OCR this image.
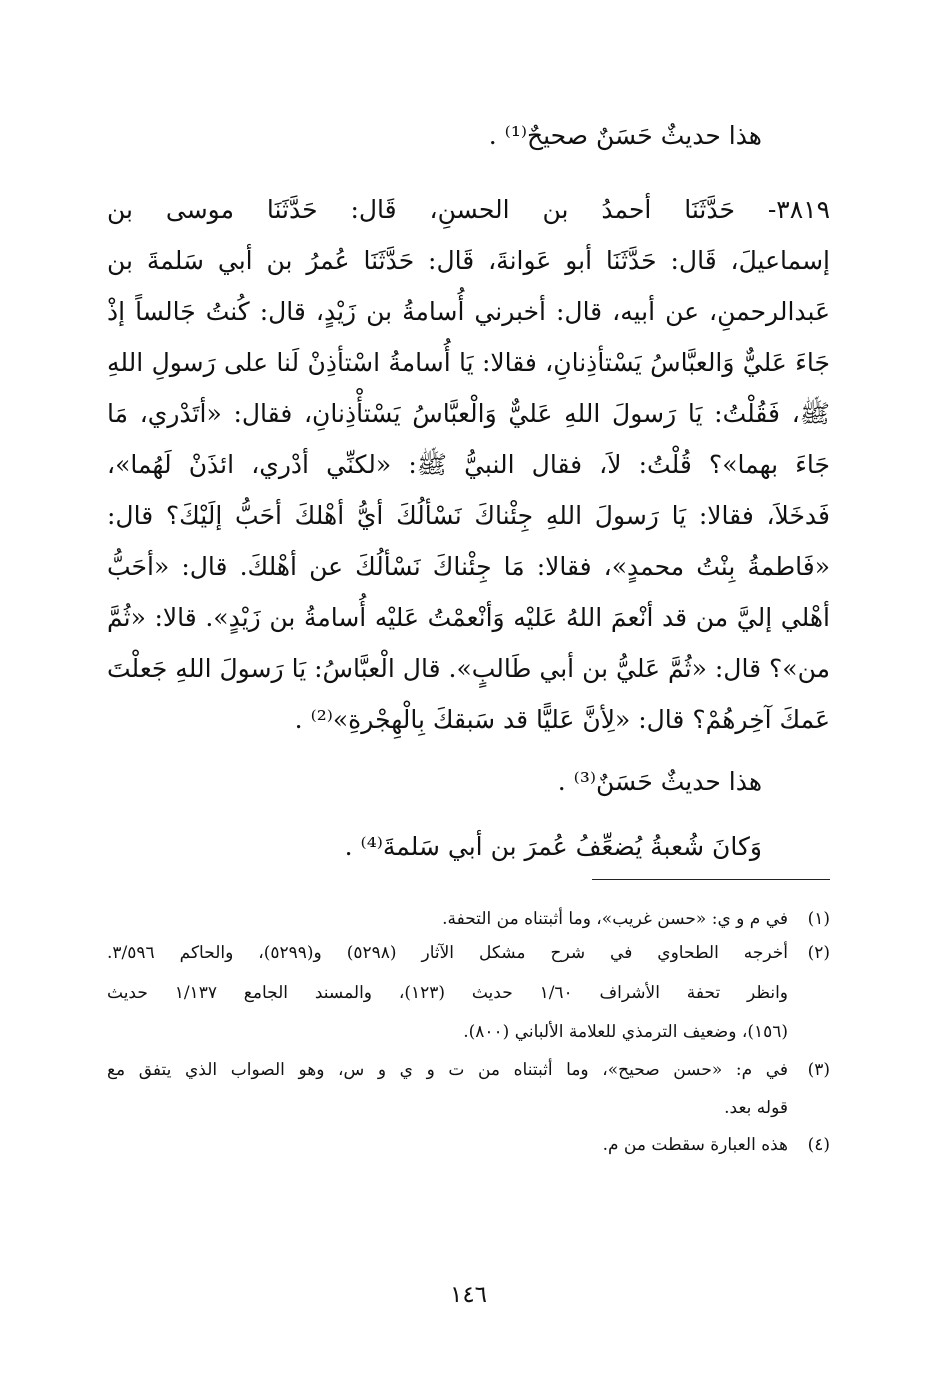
هذا حديثٌ حَسَنٌ صحيحٌ⁽¹⁾ .
٣٨١٩- حَدَّثَنَا أحمدُ بن الحسنِ، قَال: حَدَّثَنَا موسى بن
إسماعيلَ، قَال: حَدَّثَنَا أبو عَوانةَ، قَال: حَدَّثَنَا عُمرُ بن أبي سَلمةَ بن
عَبدالرحمنِ، عن أبيه، قال: أخبرني أُسامةُ بن زَيْدٍ، قال: كُنتُ جَالساً إذْ
جَاءَ عَليٌّ وَالعبَّاسُ يَسْتأذِنانِ، فقالا: يَا أُسامةُ اسْتأذِنْ لَنا على رَسولِ اللهِ
ﷺ، فَقُلْتُ: يَا رَسولَ اللهِ عَليٌّ وَالْعبَّاسُ يَسْتأْذِنانِ، فقال: «أتَدْري، مَا
جَاءَ بهما»؟ قُلْتُ: لاَ، فقال النبيُّ ﷺ: «لكنِّي أدْري، ائذَنْ لَهُما»،
فَدخَلاَ، فقالا: يَا رَسولَ اللهِ جِئْناكَ نَسْألُكَ أيُّ أهْلكَ أحَبُّ إلَيْكَ؟ قال:
«فَاطمةُ بِنْتُ محمدٍ»، فقالا: مَا جِئْناكَ نَسْألُكَ عن أهْلكَ. قال: «أحَبُّ
أهْلي إليَّ من قد أنْعمَ اللهُ عَليْه وَأنْعمْتُ عَليْه أُسامةُ بن زَيْدٍ». قالا: «ثُمَّ
من»؟ قال: «ثُمَّ عَليُّ بن أبي طَالبٍ». قال الْعبَّاسُ: يَا رَسولَ اللهِ جَعلْتَ
عَمكَ آخِرهُمْ؟ قال: «لِأنَّ عَليًّا قد سَبقكَ بِالْهِجْرةِ»⁽²⁾ .
هذا حديثٌ حَسَنٌ⁽³⁾ .
وَكانَ شُعبةُ يُضعِّفُ عُمرَ بن أبي سَلمةَ⁽⁴⁾ .
(١)
في م و ي: «حسن غريب»، وما أثبتناه من التحفة.
(٢)
أخرجه الطحاوي في شرح مشكل الآثار (٥٢٩٨) و(٥٢٩٩)، والحاكم ٣/٥٩٦.
وانظر تحفة الأشراف ١/٦٠ حديث (١٢٣)، والمسند الجامع ١/١٣٧ حديث
(١٥٦)، وضعيف الترمذي للعلامة الألباني (٨٠٠).
(٣)
في م: «حسن صحيح»، وما أثبتناه من ت و ي و س، وهو الصواب الذي يتفق مع
قوله بعد.
(٤)
هذه العبارة سقطت من م.
١٤٦
